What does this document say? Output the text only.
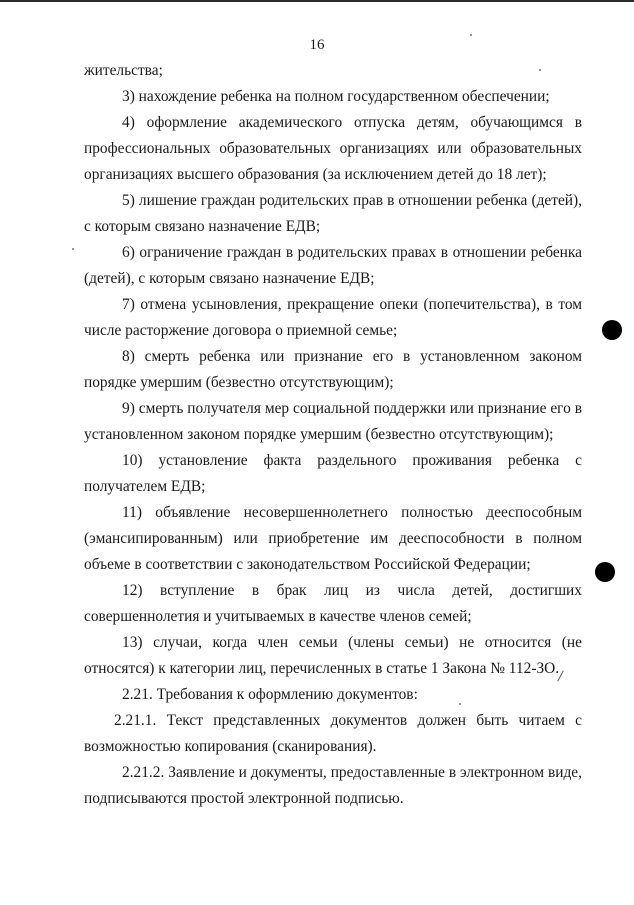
16

жительства;

3) нахождение ребенка на полном государственном обеспечении;

4) оформление академического отпуска детям, обучающимся в профессиональных образовательных организациях или образовательных организациях высшего образования (за исключением детей до 18 лет);

5) лишение граждан родительских прав в отношении ребенка (детей), с которым связано назначение ЕДВ;

6) ограничение граждан в родительских правах в отношении ребенка (детей), с которым связано назначение ЕДВ;

7) отмена усыновления, прекращение опеки (попечительства), в том числе расторжение договора о приемной семье;

8) смерть ребенка или признание его в установленном законом порядке умершим (безвестно отсутствующим);

9) смерть получателя мер социальной поддержки или признание его в установленном законом порядке умершим (безвестно отсутствующим);

10) установление факта раздельного проживания ребенка с получателем ЕДВ;

11) объявление несовершеннолетнего полностью дееспособным (эмансипированным) или приобретение им дееспособности в полном объеме в соответствии с законодательством Российской Федерации;

12) вступление в брак лиц из числа детей, достигших совершеннолетия и учитываемых в качестве членов семей;

13) случаи, когда член семьи (члены семьи) не относится (не относятся) к категории лиц, перечисленных в статье 1 Закона № 112-ЗО.

2.21. Требования к оформлению документов:

2.21.1. Текст представленных документов должен быть читаем с возможностью копирования (сканирования).

2.21.2. Заявление и документы, предоставленные в электронном виде, подписываются простой электронной подписью.
